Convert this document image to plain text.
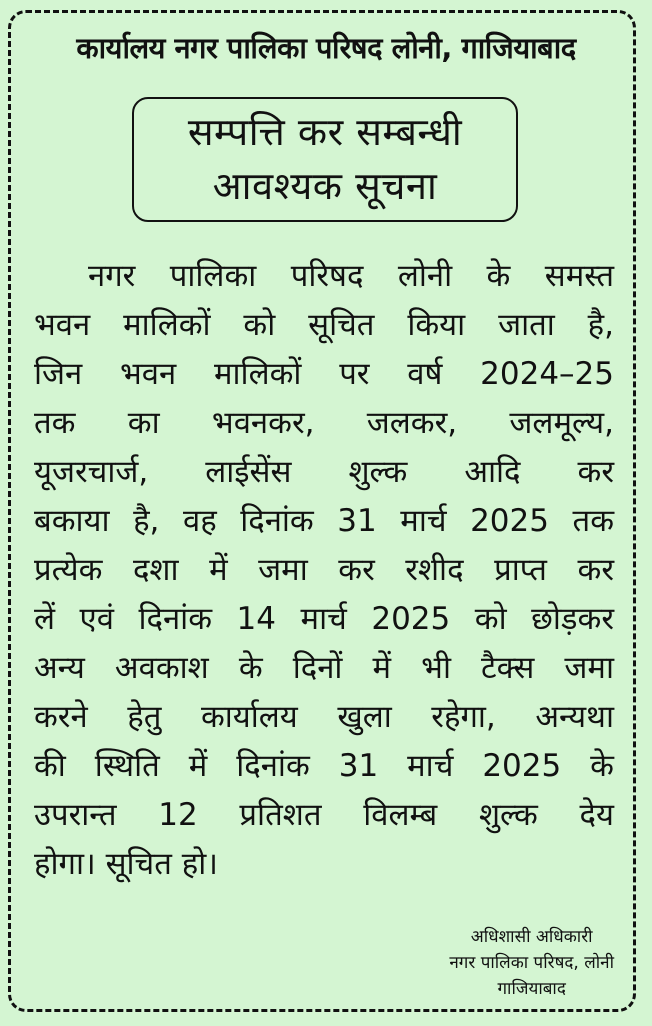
कार्यालय नगर पालिका परिषद लोनी, गाजियाबाद
सम्पत्ति कर सम्बन्धी
आवश्यक सूचना
नगर पालिका परिषद लोनी के समस्त
भवन मालिकों को सूचित किया जाता है,
जिन भवन मालिकों पर वर्ष 2024–25
तक का भवनकर, जलकर, जलमूल्य,
यूजरचार्ज, लाईसेंस शुल्क आदि कर
बकाया है, वह दिनांक 31 मार्च 2025 तक
प्रत्येक दशा में जमा कर रशीद प्राप्त कर
लें एवं दिनांक 14 मार्च 2025 को छोड़कर
अन्य अवकाश के दिनों में भी टैक्स जमा
करने हेतु कार्यालय खुला रहेगा, अन्यथा
की स्थिति में दिनांक 31 मार्च 2025 के
उपरान्त 12 प्रतिशत विलम्ब शुल्क देय
होगा। सूचित हो।
अधिशासी अधिकारी
नगर पालिका परिषद, लोनी
गाजियाबाद
